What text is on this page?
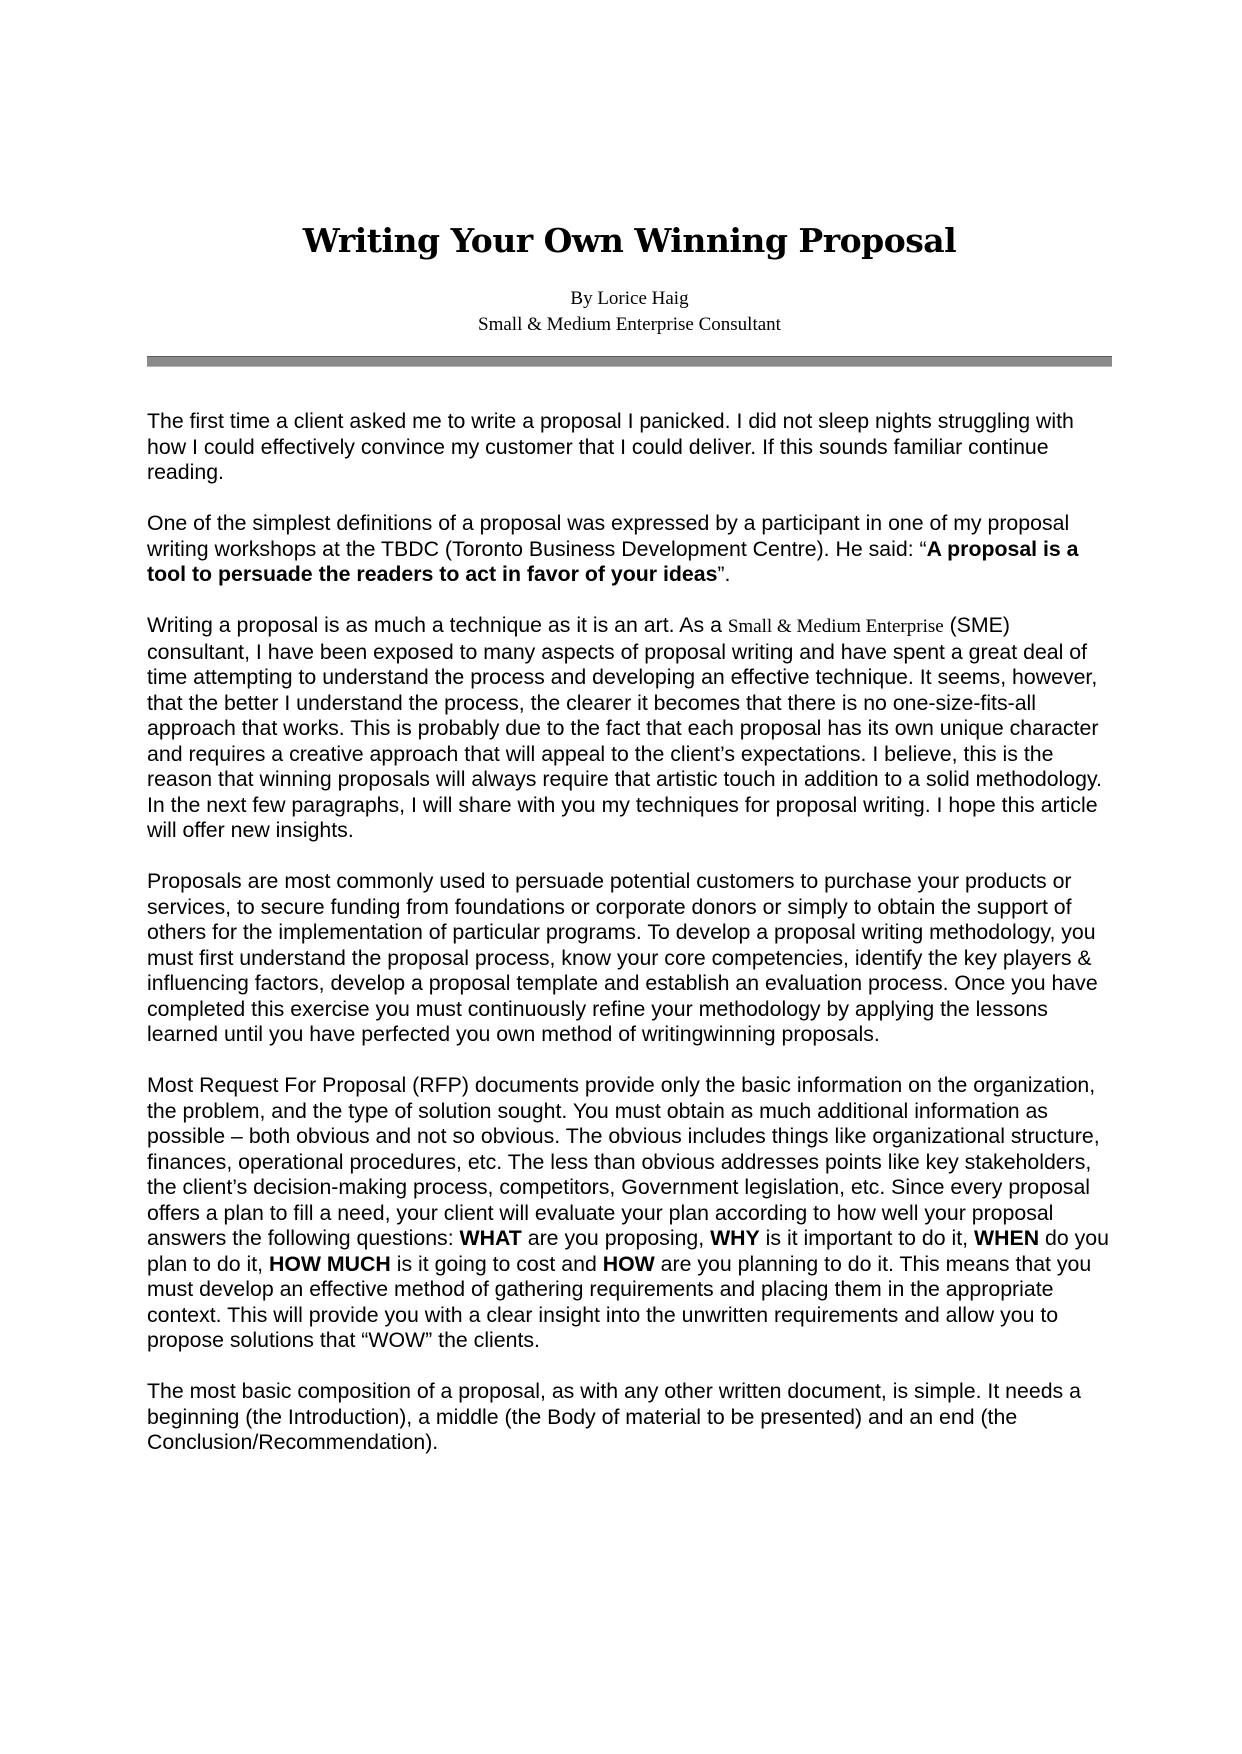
Writing Your Own Winning Proposal
By Lorice Haig
Small & Medium Enterprise Consultant

The first time a client asked me to write a proposal I panicked. I did not sleep nights struggling with how I could effectively convince my customer that I could deliver. If this sounds familiar continue reading.

One of the simplest definitions of a proposal was expressed by a participant in one of my proposal writing workshops at the TBDC (Toronto Business Development Centre). He said: “A proposal is a tool to persuade the readers to act in favor of your ideas”.

Writing a proposal is as much a technique as it is an art. As a Small & Medium Enterprise (SME) consultant, I have been exposed to many aspects of proposal writing and have spent a great deal of time attempting to understand the process and developing an effective technique. It seems, however, that the better I understand the process, the clearer it becomes that there is no one-size-fits-all approach that works. This is probably due to the fact that each proposal has its own unique character and requires a creative approach that will appeal to the client’s expectations. I believe, this is the reason that winning proposals will always require that artistic touch in addition to a solid methodology. In the next few paragraphs, I will share with you my techniques for proposal writing. I hope this article will offer new insights.

Proposals are most commonly used to persuade potential customers to purchase your products or services, to secure funding from foundations or corporate donors or simply to obtain the support of others for the implementation of particular programs. To develop a proposal writing methodology, you must first understand the proposal process, know your core competencies, identify the key players & influencing factors, develop a proposal template and establish an evaluation process. Once you have completed this exercise you must continuously refine your methodology by applying the lessons learned until you have perfected you own method of writingwinning proposals.

Most Request For Proposal (RFP) documents provide only the basic information on the organization, the problem, and the type of solution sought. You must obtain as much additional information as possible – both obvious and not so obvious. The obvious includes things like organizational structure, finances, operational procedures, etc. The less than obvious addresses points like key stakeholders, the client’s decision-making process, competitors, Government legislation, etc. Since every proposal offers a plan to fill a need, your client will evaluate your plan according to how well your proposal answers the following questions: WHAT are you proposing, WHY is it important to do it, WHEN do you plan to do it, HOW MUCH is it going to cost and HOW are you planning to do it. This means that you must develop an effective method of gathering requirements and placing them in the appropriate context. This will provide you with a clear insight into the unwritten requirements and allow you to propose solutions that “WOW” the clients.

The most basic composition of a proposal, as with any other written document, is simple. It needs a beginning (the Introduction), a middle (the Body of material to be presented) and an end (the Conclusion/Recommendation).
